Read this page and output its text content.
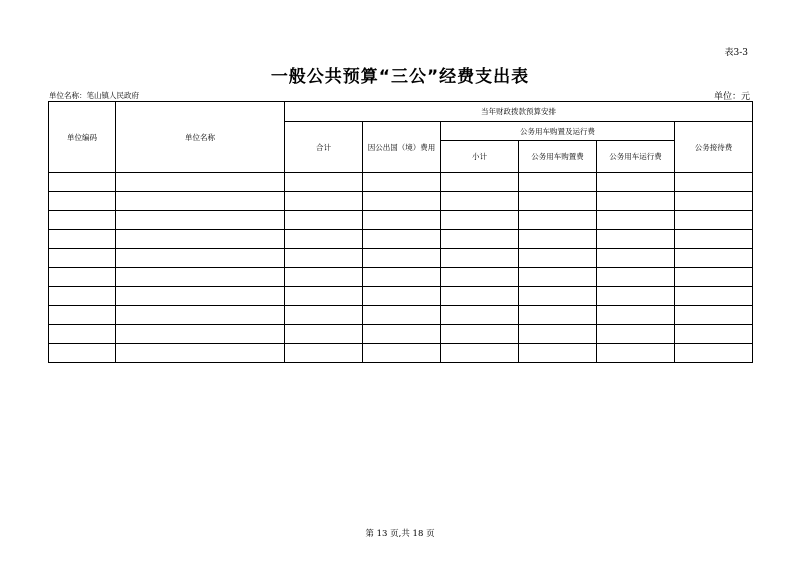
表3-3
一般公共预算“三公”经费支出表
单位名称：笔山镇人民政府	单位：元
单位编码	单位名称	当年财政拨款预算安排					
		合计	因公出国（境）费用	公务用车购置及运行费			公务接待费
				小计	公务用车购置费	公务用车运行费	

第 13 页,共 18 页
